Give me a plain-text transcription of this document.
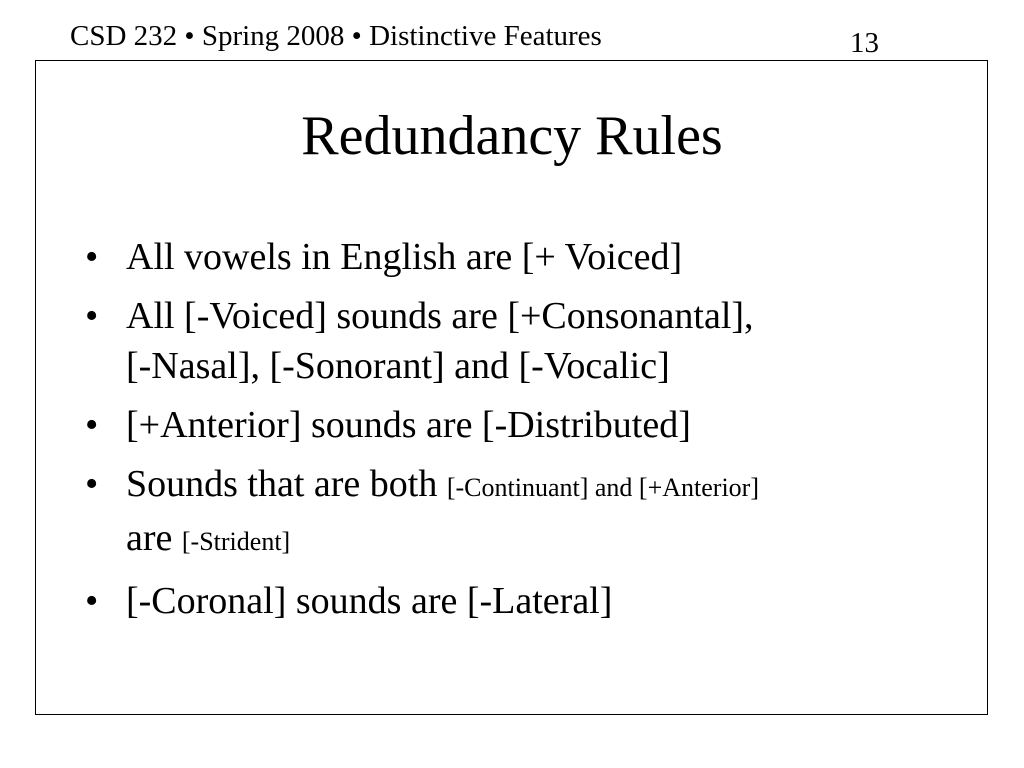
CSD 232 • Spring 2008 • Distinctive Features	13
Redundancy Rules
• All vowels in English are [+ Voiced]
• All [-Voiced] sounds are [+Consonantal],
[-Nasal], [-Sonorant] and [-Vocalic]
• [+Anterior] sounds are [-Distributed]
• Sounds that are both [-Continuant] and [+Anterior]
are [-Strident]
• [-Coronal] sounds are [-Lateral]
